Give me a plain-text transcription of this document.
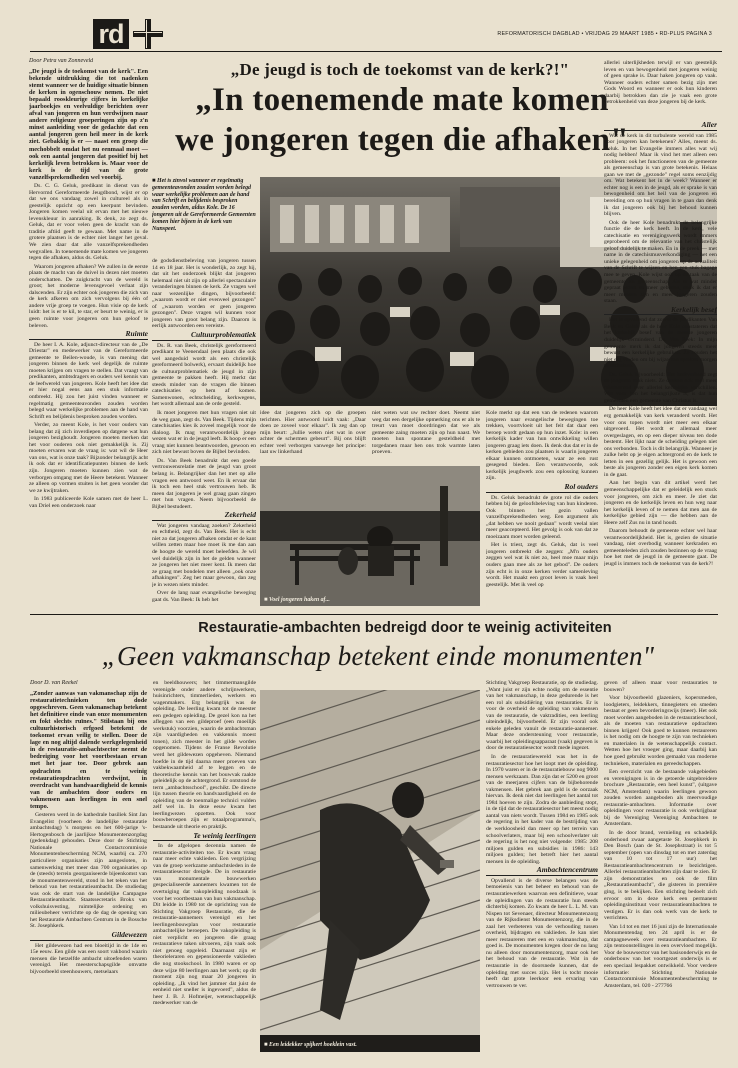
rd	REFORMATORISCH DAGBLAD • VRIJDAG 29 MAART 1985 • RD-PLUS PAGINA 3
„De jeugd is toch de toekomst van de kerk?!"
„In toenemende mate komen
we jongeren tegen die afhaken"

Door Petra van Zonneveld

„De jeugd is de toekomst van de kerk". Een bekende uitdrukking die tot nadenken stemt wanneer we de huidige situatie binnen de kerken in ogenschouw nemen. De niet bepaald rooskleurige cijfers in kerkelijke jaarboekjes en veelvuldige berichten over afval van jongeren en hun verdwijnen naar andere religieuze groeperingen zijn op z'n minst aanleiding voor de gedachte dat een aantal jongeren geen heil meer in de kerk ziet. Gebakkig is er — naast een groep die mechobbelt omdat het nu eenmaal moet — ook een aantal jongeren dat positief bij het kerkelijk leven betrokken is. Maar voor de kerk is de tijd van de grote vanzelfsprekendheden wel voorbij.

Ds. C. G. Geluk, predikant in dienst van de Hervormd Gereformeerde Jeugdbond, wijst er op dat we ons vandaag zowel in cultureel als in geestelijk opzicht op een keerpunt bevinden. Jongeren komen veelal uit ervan met het nieuwe levenskleuur in aanraking. Ik denk, zo zegt ds. Geluk, dat er voor velen geen de kracht van de traditie aftiid geeft te gewaan. Met name in de grotere plaatsen is de echter niet langer het geval. We zien daar dat alle vanzelfsprekendheden wegvallen. In toenemende mate komen we jongeren tegen die afhaken, aldus ds. Geluk.

Waarom jongeren afhaken? We zullen in de eerste plaats de macht van de duivel in dezen niet moeten onderschatten. De zuigkracht van de wereld is groot; het moderne levensgevoel verlaat zijn dalscenden. Er zijn echter ook jongeren die zich van de kerk afkeren om zich vervolgens bij één of andere vrije groep te voegen. Hun visie op de kerk luidt: het is er te kil, te star, er beurt te weinig, er is geen ruimte voor jongeren om hun geloof te beleven.

Ruimte

De heer I. A. Kole, adjunct-directeur van de „De Driestar" en medewerker van de Gereformeerde gemeente te Beilen-woude, is van mening dat jongeren binnen de kerk wel degelijk de ruimte moeten krijgen om vragen te stellen. Dat vraagt van predikanten, ambtsdragers en ouders wel kennis van de leefwereld van jongeren. Kole heeft het idee dat er hier nogal eens aan een stuk informatie ontbreekt. Hij zou het juist vinden wanneer er regelmatig gemeenteavonden zouden worden belegd waar werkelijke problemen aan de hand van Schrift en belijdenis besproken zouden worden.

Verder, zo meent Kole, is het voor ouders van belang dat zij zich inverdiepen op datgene wat hun jongeren bezighoudt. Jongeren moeten merken dat het voor ouderen ook niet gemakkelijk is. Zij moeten ervaren wat de vraag is: wat wil de Heer van ons, wat is onze taak? Bijzonder belangrijk acht ik ook dat er identificatiepunten binnen de kerk zijn. Jongeren moeten kunnen zien wat de verborgen omgang met de Heere betekent. Wanneer ze alleen op vormen stuiten is het geen wonder dat we ze kwijtraken.

In 1983 publiceerde Kole samen met de heer L. van Driel een onderzoek naar

■ Het is zinvol wanneer er regelmatig gemeenteavonden zouden worden belegd waar werkelijke problemen aan de hand van Schrift en belijdenis besproken zouden worden, aldus Kole. De 16 jongeren uit de Gereformeerde Gemeenten komen hier bijeen in de kerk van Nunspeet.

de godsdienstbeleving van jongeren tussen 14 en 18 jaar. Het is wonderlijk, zo zegt hij, dat uit het onderzoek blijkt dat jongeren helemaal niet uit zijn op allerlei spectaculaire veranderingen binnen de kerk. Ze vragen wel naar wezenlijke dingen, bijvoorbeeld: „waarom wordt er niet evenveel gezongen" of „waarom worden er geen jongeren gezongen". Deze vragen wil kunnen voor jongeren van groot belang zijn. Daarom is eerlijk antwoorden een vereiste.

Cultuurproblematiek

Ds. R. van Beek, christelijk gereformeerd predikant te Veenendaal (een plaats die ook wel aangeduid wordt als een christelijk gereformeerd bolwerk), ervaart duidelijk hoe de cultuurproblematiek de jeugd in zijn gemeente te pakken heeft. Hij merkt dat steeds minder van de vragen die binnen catechisaties op hem af komen. Samenwonen, echtscheiding, kerkwegens, het wordt allemaal aan de orde gesteld.

Ik moet jongeren met hun vragen niet uit de weg gaan, zegt ds. Van Beek. Tijdens mijn catechisaties kies ik zoveel mogelijk voor de dialoog. Ik mag verantwoordelijk jonge wezen wat er in de jeugd leeft. Ik hoop er een vraag niet kunnen beantwoorden, gewoon en zich niet bewust boven de Bijbel bevinden.

Ds. Van Beek benadrukt dat een goede vertrouwensrelatie met de jeugd van groot belang is. Belangrijker dan het met op alle vragen een antwoord weet. En ik ervaar dat ik toch een heel stuk vertrouwen heb. Ik meen dat jongeren je wel graag gaan zingen met hun vragen. Neem bijvoorbeeld de Bijbel bestudeert.

Zekerheid

Wat jongeren vandaag zoeken? Zekerheid en echtheid, zegt ds. Van Beek. Het is echt niet zo dat jongeren afhaken omdat er de kant willen zetten maar hoe moet ik me dan aan de hoogte de wereld moet beleefden. Je wil wel duidelijk zijn in het de gelden wanneer ze jongeren het niet meer kent. Ik meen dat ze graag met bondelen met alleen „ook onze afhakingen". Zeg het maar gewoon, dan zeg je in wezen niets minder.

Over de lang naar evangelische beweging gaat ds. Van Beek: Ik heb het

idee dat jongeren zich op die groepen terichten. Hier antwoord luidt vaak: „Daar doen ze zoveel voor elkaar". Ik zeg dan op mijn beurt: „Jullie weten niet wat in over achter de schermen gebeurt". Bij ons blijft echter veel verborgen vanwege het principe: laat uw linkerhand

niet weten wat uw rechter doet. Neemt niet weg dat een dergelijke opmerking ons er als te treurt van moet doordringen dat we als gemeente zaing moeten zijn op hun naast. We moeten hun spontane gesteldheid met torgedanen maar hen ons trok warmte laten proeven.

■ Voel jongeren haken af...

Kole merkt op dat een van de redenen waarom jongeren naar evangelische bewegingen toe trekken, voortvloeit uit het feit dat daar een beroep wordt gedaan op hun inzet. Kole: in een kerkelijk kader van hun ontwikkeling willen jongeren graag iets doen. Ik denk dus dat er in de kerken gebieden zou plaatsen is waarin jongeren elkaar kunnen ontmoeten, waar ze een rust gesegend bieden. Een verantwoorde, ook kerkelijk jeugdwerk zou een oplossing kunnen zijn.

Rol ouders

Ds. Geluk benadrukt de grote rol die ouders hebben bij de geloofsbeleving van hun kinderen. Ook binnen het gezin vallen vanzelfsprekendheden weg. Een argument als „dat hebben we nooit gedaan" wordt veelal niet meer geaccepteerd. Het gevolg is ook van dat ze moeizaam moet worden geleend.

Het is triest, zegt ds. Geluk, dat is veel jongeren ontbreekt die zeggen: „M'n ouders zeggen wel wat ik niet zo, heel moe maar mijn ouders gaan mee als ze het gebod". De ouders zijn echt is in onze kerken verder samenleving wordt. Het maakt een groot leven is vaak heel geestelijk. Met ik veel op

allerlei uiterlijkheden terwijl er van geestelijk leven en van bewogenheid met jongeren weinig of geen sprake is. Daar haken jongeren op vaak. Wanneer ouders echter samen bezig zijn met Gods Woord en wanneer er ook hun kinderen daarbij betrokken dan zie je vaak een grote betrokkenheid van deze jongeren bij de kerk.

Aller

Wat de kerk in dit turbulente wereld van 1985 voor jongeren kan betekenen? Alles, meent ds. Geluk. In het Evangelie immers alles wat wij nodig hebben! Maar ik vind het met alleen een probleem: ook het functioneren van de gemeente als gemeenschap is van grote betekenis. Helaas gaan we met de „gezonde" regel soms eenzijdig om. Wat betekent het in de week? Wanneer er echter nog is een in de jeugd, als er sprake is van bewogenheid om het heil van de jongeren en bereiding om op hun vragen in te gaan dan denk ik dat jongeren ook bij het behoud kunnen blijven.

Ook de heer Kole benadrukt de belangrijke functie die de kerk heeft. In de kerk, vele catechisatie en verenigingswerk wordt immers geprobeerd om de relevantie van het christelijk geloof duidelijk te maken. En in de preek — met name in de catechismusverkondiging — het een unieke gelegenheid om jongeren op de actualiteit van de Schrift te wijzen en hen een stuk bagage mee te geven. Kole wijst ook op de taak van de gemeente als gemeenschap. Als er wat minder gepraat wordt en meer gebeden, denk ik dat er meer mensen zijn en meer jongeren zouden staan.

Kerkelijk besef

Het is opvallend dat zowel de predikanten Van Beek en Geluk als de heer Kole constateren dat het kerkelijk besef van de meeste jongeren duidelijk verminderd. Ds. Van Beek: In mijn gemeente merk ik dat jongeren steeds meer bewust een kerkelijke gebruiken. Ze zouden het niet erg vinden om bij wijze van spreken morgen te verhuizen.

Ds. Geluk bijvoorbeeld: Het kerkverband zegt de jongeren vaak niets. Ze denken ook veel meer relativerend over allerlei kerkelijke verschillen. Wat voor hen het belangrijkste is, is dat hun gemeenten een gemeente van Christus is.

De heer Kole heeft het idee dat er vandaag wel erg gemakkelijk van kerk veranderd wordt. Het voor ons topen wordt niet meer een elkaar uitgevoerd. Het wordt er allemaal meer overgeslagen, en op een dieper niveau ten dode bestemt. Het lijkt naar de scheiding gelegen niet ons verbonden. Toch is dit belangrijk. Wanneer je zulke hebt op je eigen achtergrond en de kerk te letten in een gezellig gelijk. Het is gewoon een beste als jongeren zonder een eigen kerk komen in de gaat.

Aan het begin van dit artikel werd het gemeenschappelijke dat er geleidelijk een stuck voor jongeren, om zich en meer. Je ziet dat jongeren en de kerkelijk leven en hun weg naar het kerkelijk leven of te nemen dat men aan de kerkelijke gebied zijn — die hebben aan de Heere zelf Zus nu in tand houdt.

Daarom behoudt de gemeente echter wel haar verantwoordelijkheid. Het is, gezien de situatie vandaag, niet overbodig wanneer kerkraden en gemeenteleden zich zouden bezinnen op de vraag hoe het met de jeugd in de gemeente gaat. De jeugd is immers toch de toekomst van de kerk?!

Restauratie-ambachten bedreigd door te weinig activiteiten
„Geen vakmanschap betekent einde monumenten"

Door D. van Reekel

„Zonder aanwas van vakmanschap zijn de restauratietechnieken ten dode opgeschreven. Geen vakmanschap betekent het definitieve einde van onze monumenten en fokt slechts ruïnes." Stilstaan bij ons cultuurhistorisch erfgoed betekent de toekomst ervan veilig te stellen. Door de lage en nog altijd dalende werkgelegenheid in de restauratie-ambachtsector neemt de bedreiging voor het voortbestaan ervan met het jaar toe. Door gebrek aan opdrachten en te weinig restauratieopdrachten verdwijnt, in overdracht van handvaardigheid de kennis van de ambachten door ouders en vakmensen aan leerlingen in een snel tempo.

Gesteren werd in de kathedrale basiliek Sint Jan Evangelist (voorheen de landelijke restauratie ambachtsdag) 's morgens en het 600-jarige 's-Hertogenbosch de jaarlijkse Monumentenzorgdag (gedenkdag) gehouden. Deze door de Stichting Nationale Contactcommissie Monumentenbescherming NCM, waarbij ca. 270 particuliere organisaties zijn aangesloten, in samenwerking met meer dan 700 organisaties op de (steeds) terrein georganiseerde bijeenkomst van de monumentenwereld, stond in het teken van het behoud van het restauratieambacht. De studiedag was ook de start van de landelijke Campagne Restauratieambacht. Staatssecretaris Brokx van volkshuisvesting, ruimtelijke ordening en milieubeheer verrichtte op de dag de opening van het Restauratie Ambachten Centrum in de Bossche St. Josephkerk.

Gildewezen

Het gildewezen had een bloeitijd in de 14e en 15e eeuw. Een gilde was een soort vakbond waarin mensen die hetzelfde ambacht uitoefenden waren verenigd. Het meesterschapsgilde omvatte bijvoorbeeld steenhouwers, metselaars

en beeldhouwers; het timmermansgilde verenigde onder andere schrijnwerkers, huisinrichters, timmerlieden, werkers en wagenmakers. Erg belangrijk was de opleiding. De leerling kwam tot de meester een gedegen opleiding. De gezel kon na het afleggen van een gildeproef (een moeilijk werkstuk) voorzien, waarin de ambachtsman zijn vaardigheden en vakkennis moest tonen), zich meester in het gilde worden opgenomen. Tijdens de Franse Revolutie werd het gildewezen opgeheven. Niemand hoefde in de tijd daarna meer proeven van vakbekwaamheid af te leggen en de theoretische kennis van het bouwvak raakte geleidelijk op de achtergrond. Er ontstond de term „ambachtsschool", geschikt. De directe lijn tussen theorie en handvaardigheid en de opleiding van de toenmalige technici vulden zelf wel in. In deze eeuw kwam het leerlingwezen opzetten. Ook voor bouwberoepen zijn er totaalprogramma's, bestaande uit theorie en praktijk.

Te weinig leerlingen

In de afgelopen decennia namen de restauratie-activiteiten toe. Er kwam vraag naar meer echte vaklieden. Een vergrijzing van de groep werkzame ambachtsleden in de restauratiesector dreigde. De in restauratie van monumentale bouwwerken gespecialiseerde aannemers kwamen tot de overtuiging dat vakopleiding noodzaak is voor het voortbestaan van hun vakmanschap. Dit leidde in 1980 tot de oprichting van de Stichting Vakgroep Restauratie, die de restauratie-aannemers verenigd en het leerlingenbouwplan voor restauratie ambachtelijke beroepen. De vakopleiding is niet verplicht en jongeren die graag restauratieve taken uitvoeren, zijn vaak ook niet genoeg opgeleid. Daarnaast zijn er theorieleraren en gepensioneerde vaklieden die nog stookschool. In 1980 waren er op deze wijze 80 leerlingen aan het werk; op dit moment zijn nog maar 20 jongeren in opleiding. „Ik vind het jammer dat juist de eenheid niet sneller is ingevoerd", aldus de heer J. B. J. Hofmeijer, wetenschappelijk medewerker van de

■ Een leidekker spijkert hoeklein vast.

Stichting Vakgroep Restauratie, op de studiedag. „Want juist er zijn echte nodig om de essentie van het vakmanschap, in deze gedurende is het een rol als subsidiëring van restauraties. Er is voor de overheid de opleiding van vakmensen van de restauratie, de vaktradities, een leerling uiteindelijk, bijvoorbeeld. Er zijn vooral ook enkele geleden vanuit de restauratie-aannemer. Maar deze ondersteuning voor restauratie, waarbij het opleidingsapparaat (vaak) gegeven is door de restauratiesector wordt mede ingezet.

In de restauratiewereld was het in de restauratiesector hoe het loopt met de opleiding. In 1970 waren er in de restauratiebouw nog 9000 mensen werkzaam. Dan zijn dat er 5200 en groot van de meerjaren cijfers van de bijbehorende vakmensen. Het gebrek aan geld is de oorzaak hiervan. Ik denk niet dat leerlingen het aantal tot 1984 hoeven te zijn. Zodra de aanbieding stopt, in de tijd dat de restauratiesector het meest nodig aantal van niets wordt. Tussen 1984 en 1985 ook de regering in het kader van de bestrijding van de werkloosheid dan meer op het terrein van schoolverlaters, maar bij een schoolverlater uit de regering is het nog niet volgende: 1985: 208 miljoen gulden en subsidies in 1986: 143 miljoen gulden; het betreft hier het aantal mensen in de opleiding.

Ambachtencentrum

Opvallend is de diverse belangen was de bemoeienis van het beheer en behoud van de restauratiewerken waarvan een definitieve, waar de opleidingen van de restauratie hun steeds dichterbij komen. Zo kwam de heer L. L. M. van Nispen tot Sevenaer, directeur Monumentenzorg van de Rijksdienst Monumentenzorg, die in de zaal het verbeteren van de verhouding tussen overheid, bijdragen en vaklieden. Je kan niet meer restaureren met een en vakmanschap, dat goed is. De monumenten kregen door de nu lang nu alleen door monumentenzorg, maar ook het het behoud van de restauratie. Wat in de restauratie in de doorsnede kunnen, dat de opleiding met succes zijn. Het is tocht mooie heeft dat grote leerkoor een ervaring van vertrouwen te ver.

geven of alleen maar voor restauraties te bouwen?

Voor bijvoorbeeld glazeniers, kopersmeden, loodgieters, leidekkers, tinnegieters en smeden bestaat er geen bevorderingswijs (meer). Het ook moet worden aangeboden in de restauratieschool, als de moeten van restauratieve opdrachten binnen krijgen! Ook goed te kunnen restaureren is het nodig om de hoogte te zijn van technieken en materialen in de wetenschappelijk contact. Wetten hoe het vroeger ging, maar daarbij kan hoe goed gebruikt worden gemaakt van moderne technieken, materialen en gereedschappen.

Een overzicht van de bestaande vakgebieden en verenigingen is in de getoerde uitgebreidere brochure „Restauratie, een heel kunst", (uitgave NCM, Amsterdam) waarin leerlingen gewoon zouden worden aangeboden als meervoudige restauratie-ambachten. Informatie over opleidingen voor restauratie is ook verkrijgbaar bij de Vereniging Vereniging Ambachten te Amsterdam.

In de door brand, vernieling en schadelijk onderhoud zwaar aangetaste St. Josephkerk in Den Bosch (aan de St. Josephstraat) is tot 5 september (open van dinsdag tot en met zaterdag van 10 tot 17 uur) het Restauratieambachtencentrum te bezichtigen. Allerlei restauratieambachten zijn daar te zien. Er zijn demonstraties en ook de film „Restauratieambacht", die gisteren in première ging, is te bekijken. Een stichting bedoelt zich ervoor om in deze kerk een permanent opleidingsinstituut voor restauratieambachten te vestigen. Er is dan ook werk van de kerk te verrichten.

Van 14 tot en met 16 juni zijn de Internationale Monumentendag ten 24 april is er de campagneweek over restauratieambachten. Er zijn tentoonstellingen in een overvloed mogelijk. Voor de bouwsector van het basisonderwijs en de onderbouw van het voortgezet onderwijs is er een speciaal lespakket ontwikkeld. Voor verdere informatie: Stichting Nationale Contactcommissie Monumentenbescherming te Amsterdam, tel. 020 - 277766
